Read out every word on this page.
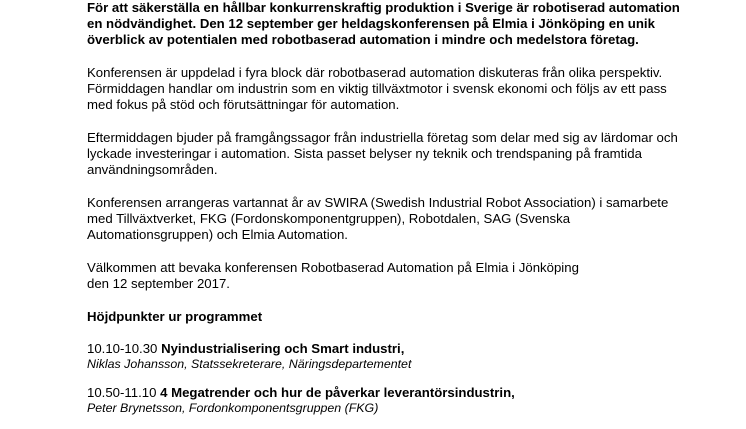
För att säkerställa en hållbar konkurrenskraftig produktion i Sverige är robotiserad automation en nödvändighet. Den 12 september ger heldagskonferensen på Elmia i Jönköping en unik överblick av potentialen med robotbaserad automation i mindre och medelstora företag.

Konferensen är uppdelad i fyra block där robotbaserad automation diskuteras från olika perspektiv. Förmiddagen handlar om industrin som en viktig tillväxtmotor i svensk ekonomi och följs av ett pass med fokus på stöd och förutsättningar för automation.

Eftermiddagen bjuder på framgångssagor från industriella företag som delar med sig av lärdomar och lyckade investeringar i automation. Sista passet belyser ny teknik och trendspaning på framtida användningsområden.

Konferensen arrangeras vartannat år av SWIRA (Swedish Industrial Robot Association) i samarbete med Tillväxtverket, FKG (Fordonskomponentgruppen), Robotdalen, SAG (Svenska Automationsgruppen) och Elmia Automation.

Välkommen att bevaka konferensen Robotbaserad Automation på Elmia i Jönköping
den 12 september 2017.

Höjdpunkter ur programmet

10.10-10.30 Nyindustrialisering och Smart industri,
Niklas Johansson, Statssekreterare, Näringsdepartementet
10.50-11.10 4 Megatrender och hur de påverkar leverantörsindustrin,
Peter Brynetsson, Fordonkomponentsgruppen (FKG)
